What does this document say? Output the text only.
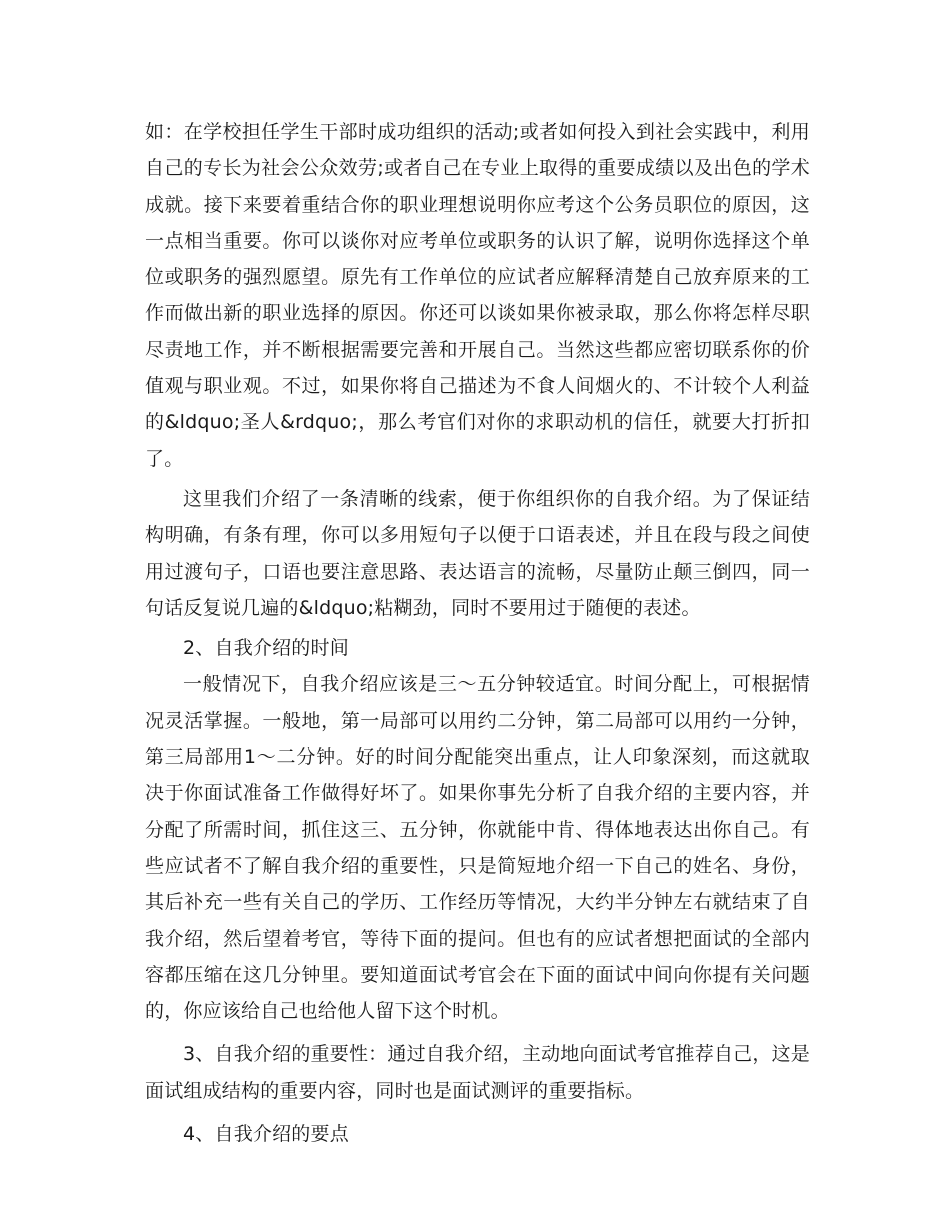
如：在学校担任学生干部时成功组织的活动;或者如何投入到社会实践中，利用自己的专长为社会公众效劳;或者自己在专业上取得的重要成绩以及出色的学术成就。接下来要着重结合你的职业理想说明你应考这个公务员职位的原因，这一点相当重要。你可以谈你对应考单位或职务的认识了解，说明你选择这个单位或职务的强烈愿望。原先有工作单位的应试者应解释清楚自己放弃原来的工作而做出新的职业选择的原因。你还可以谈如果你被录取，那么你将怎样尽职尽责地工作，并不断根据需要完善和开展自己。当然这些都应密切联系你的价值观与职业观。不过，如果你将自己描述为不食人间烟火的、不计较个人利益的&ldquo;圣人&rdquo;，那么考官们对你的求职动机的信任，就要大打折扣了。

这里我们介绍了一条清晰的线索，便于你组织你的自我介绍。为了保证结构明确，有条有理，你可以多用短句子以便于口语表述，并且在段与段之间使用过渡句子，口语也要注意思路、表达语言的流畅，尽量防止颠三倒四，同一句话反复说几遍的&ldquo;粘糊劲，同时不要用过于随便的表述。

2、自我介绍的时间

一般情况下，自我介绍应该是三～五分钟较适宜。时间分配上，可根据情况灵活掌握。一般地，第一局部可以用约二分钟，第二局部可以用约一分钟，第三局部用1～二分钟。好的时间分配能突出重点，让人印象深刻，而这就取决于你面试准备工作做得好坏了。如果你事先分析了自我介绍的主要内容，并分配了所需时间，抓住这三、五分钟，你就能中肯、得体地表达出你自己。有些应试者不了解自我介绍的重要性，只是简短地介绍一下自己的姓名、身份，其后补充一些有关自己的学历、工作经历等情况，大约半分钟左右就结束了自我介绍，然后望着考官，等待下面的提问。但也有的应试者想把面试的全部内容都压缩在这几分钟里。要知道面试考官会在下面的面试中间向你提有关问题的，你应该给自己也给他人留下这个时机。

3、自我介绍的重要性：通过自我介绍，主动地向面试考官推荐自己，这是面试组成结构的重要内容，同时也是面试测评的重要指标。

4、自我介绍的要点
